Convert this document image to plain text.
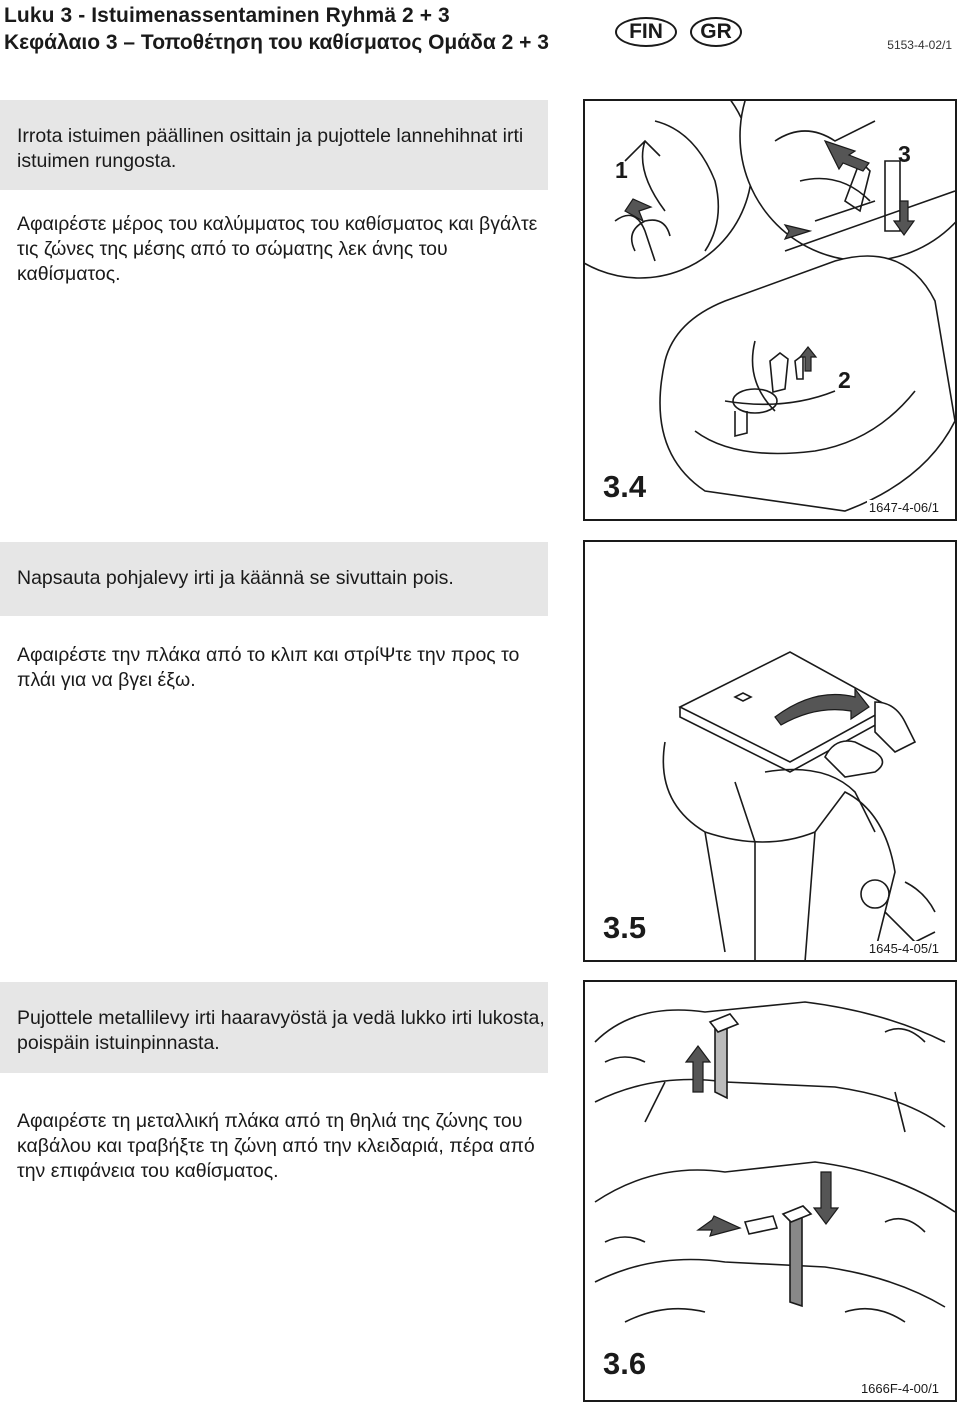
Luku 3 - Istuimenassentaminen Ryhmä 2 + 3
Κεφάλαιο 3 – Τοποθέτηση του καθίσματος Ομάδα 2 + 3	FIN	GR
5153-4-02/1
Irrota istuimen päällinen osittain ja pujottele lannehihnat irti istuimen rungosta.
Αφαιρέστε μέρος του καλύμματος του καθίσματος και βγάλτε τις ζώνες της μέσης από το σώματης λεκ άνης του καθίσματος.
1
2
3
3.4
1647-4-06/1
Napsauta pohjalevy irti ja käännä se sivuttain pois.
Αφαιρέστε την πλάκα από το κλιπ και στρίΨτε την προς το πλάι για να βγει έξω.
3.5
1645-4-05/1
Pujottele metallilevy irti haaravyöstä ja vedä lukko irti lukosta, poispäin istuinpinnasta.
Αφαιρέστε τη μεταλλική πλάκα από τη θηλιά της ζώνης του καβάλου και τραβήξτε τη ζώνη από την κλειδαριά, πέρα από την επιφάνεια του καθίσματος.
3.6
1666F-4-00/1
